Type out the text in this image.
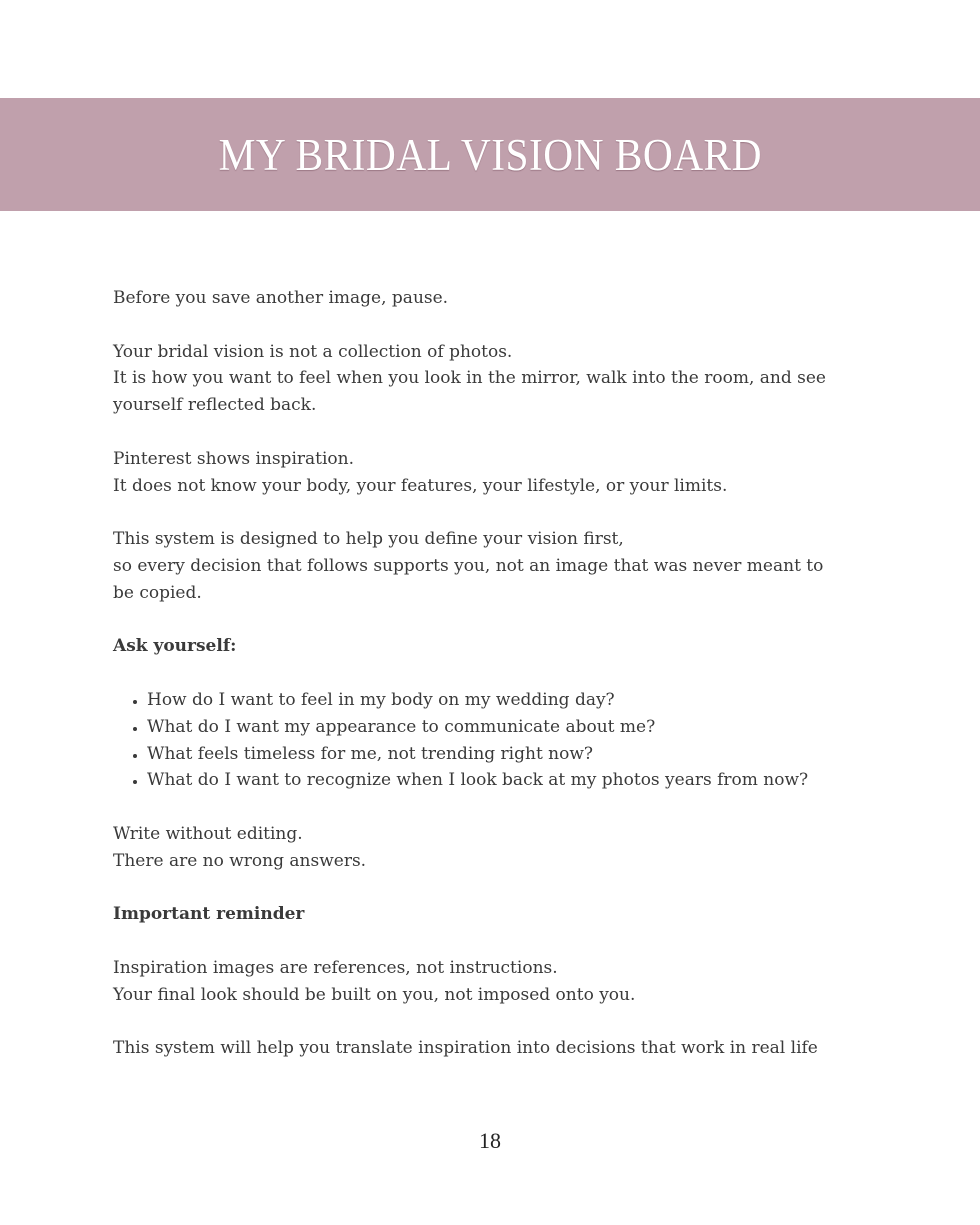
MY BRIDAL VISION BOARD

Before you save another image, pause.

Your bridal vision is not a collection of photos.
It is how you want to feel when you look in the mirror, walk into the room, and see
yourself reflected back.

Pinterest shows inspiration.
It does not know your body, your features, your lifestyle, or your limits.

This system is designed to help you define your vision first,
so every decision that follows supports you, not an image that was never meant to
be copied.

Ask yourself:

• How do I want to feel in my body on my wedding day?
• What do I want my appearance to communicate about me?
• What feels timeless for me, not trending right now?
• What do I want to recognize when I look back at my photos years from now?

Write without editing.
There are no wrong answers.

Important reminder

Inspiration images are references, not instructions.
Your final look should be built on you, not imposed onto you.

This system will help you translate inspiration into decisions that work in real life

18
